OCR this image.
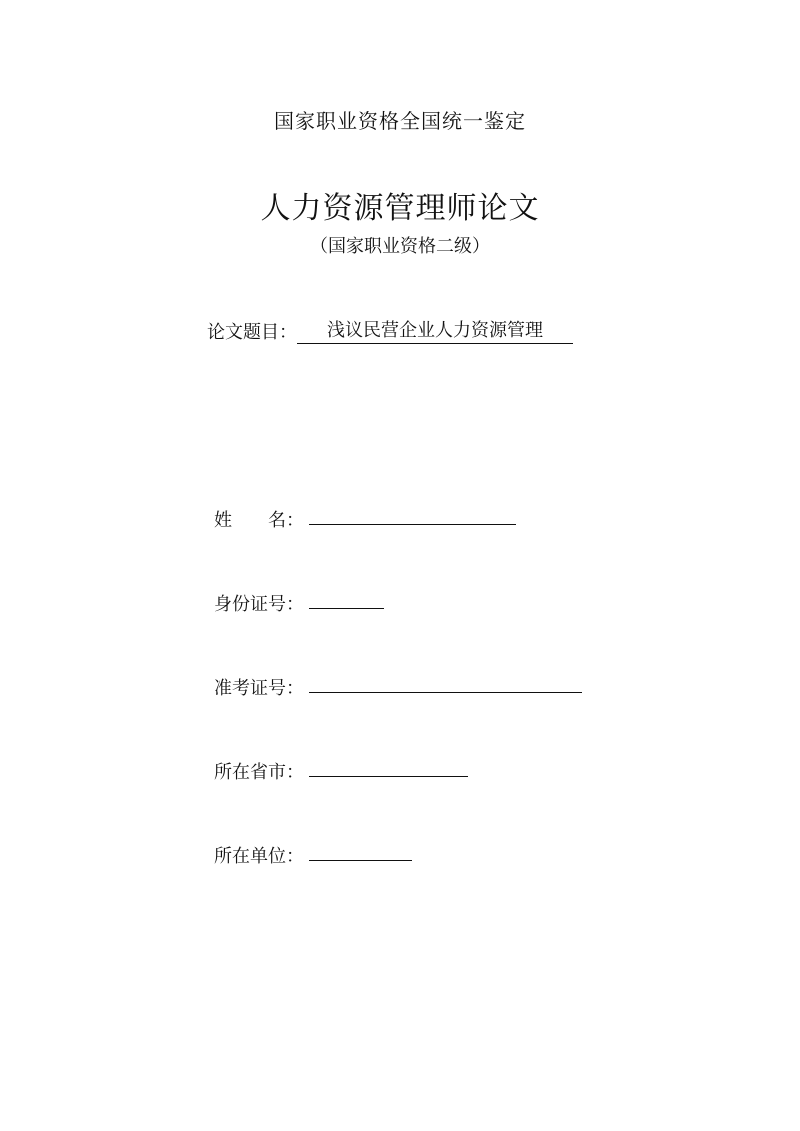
国家职业资格全国统一鉴定
人力资源管理师论文
（国家职业资格二级）
论文题目：	浅议民营企业人力资源管理
姓　　名：
身份证号：
准考证号：
所在省市：
所在单位：
